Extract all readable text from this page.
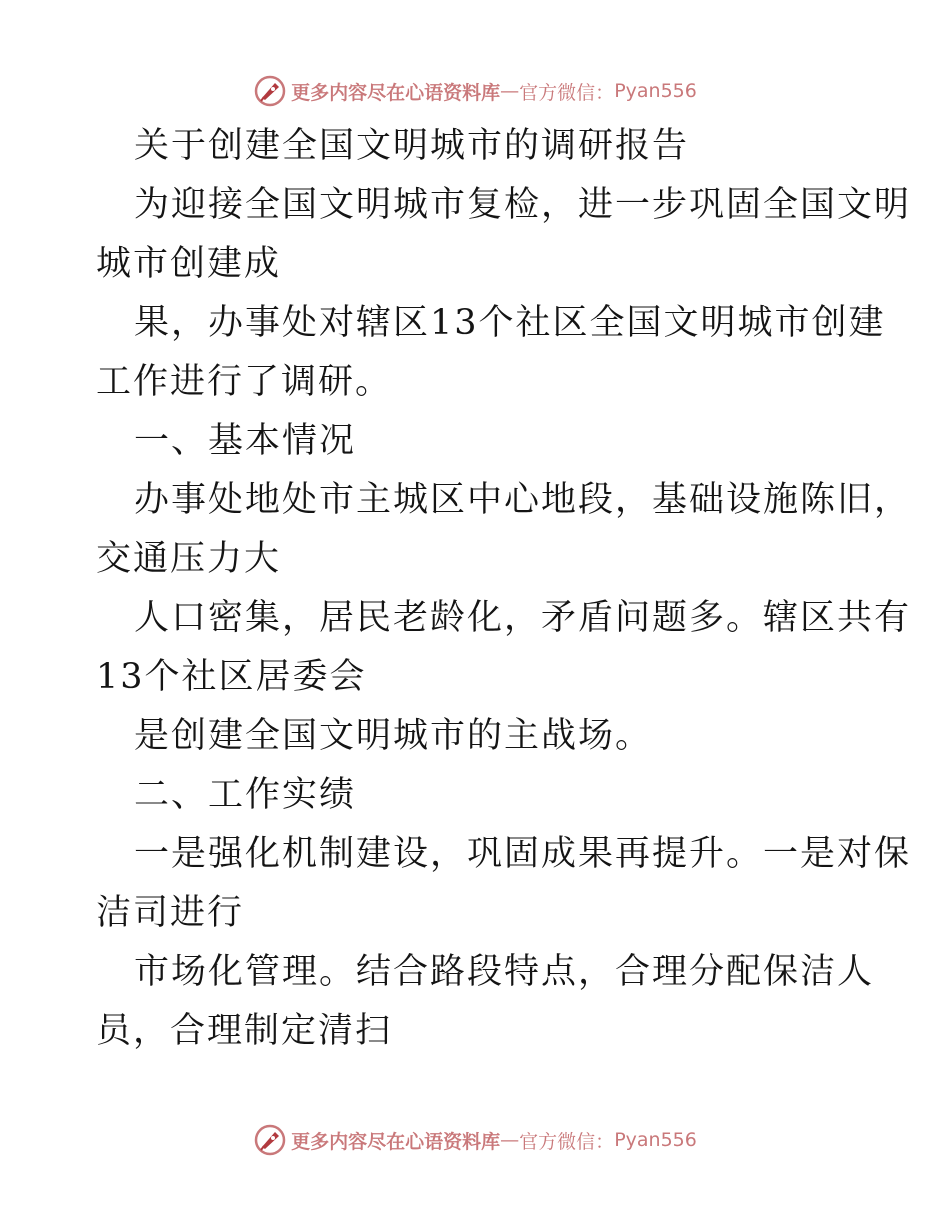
更多内容尽在心语资料库 — 官方微信： Pyan556
关于创建全国文明城市的调研报告
为迎接全国文明城市复检，进一步巩固全国文明
城市创建成
果，办事处对辖区13个社区全国文明城市创建
工作进行了调研。
一、基本情况
办事处地处市主城区中心地段，基础设施陈旧，
交通压力大
人口密集，居民老龄化，矛盾问题多。辖区共有
13个社区居委会
是创建全国文明城市的主战场。
二、工作实绩
一是强化机制建设，巩固成果再提升。一是对保
洁司进行
市场化管理。结合路段特点，合理分配保洁人
员，合理制定清扫
更多内容尽在心语资料库 — 官方微信： Pyan556
